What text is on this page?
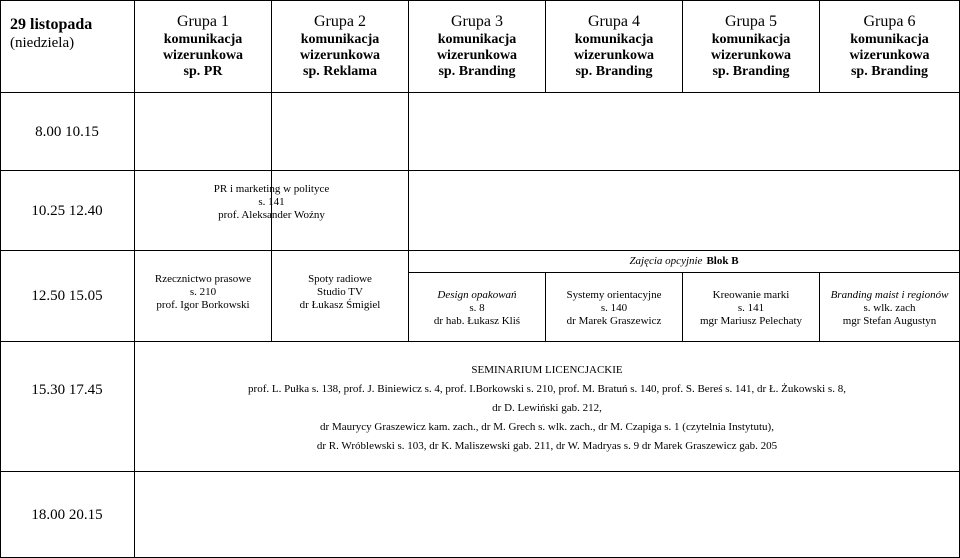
29 listopada
(niedziela)
Grupa 1
komunikacja
wizerunkowa
sp. PR
Grupa 2
komunikacja
wizerunkowa
sp. Reklama
Grupa 3
komunikacja
wizerunkowa
sp. Branding
Grupa 4
komunikacja
wizerunkowa
sp. Branding
Grupa 5
komunikacja
wizerunkowa
sp. Branding
Grupa 6
komunikacja
wizerunkowa
sp. Branding
8.00 10.15
10.25 12.40
PR i marketing w polityce
s. 141
prof. Aleksander Woźny
12.50 15.05
Rzecznictwo prasowe
s. 210
prof. Igor Borkowski
Spoty radiowe
Studio TV
dr Łukasz Śmigiel
Zajęcia opcyjnie Blok B
Design opakowań
s. 8
dr hab. Łukasz Kliś
Systemy orientacyjne
s. 140
dr Marek Graszewicz
Kreowanie marki
s. 141
mgr Mariusz Pelechaty
Branding maist i regionów
s. wlk. zach
mgr Stefan Augustyn
15.30 17.45
SEMINARIUM LICENCJACKIE
prof. L. Pułka s. 138, prof. J. Biniewicz s. 4, prof. I.Borkowski s. 210, prof. M. Bratuń s. 140, prof. S. Bereś s. 141, dr Ł. Żukowski s. 8,
dr D. Lewiński gab. 212,
dr Maurycy Graszewicz kam. zach., dr M. Grech s. wlk. zach., dr M. Czapiga s. 1 (czytelnia Instytutu),
dr R. Wróblewski s. 103, dr K. Maliszewski gab. 211, dr W. Madryas s. 9 dr Marek Graszewicz gab. 205
18.00 20.15
